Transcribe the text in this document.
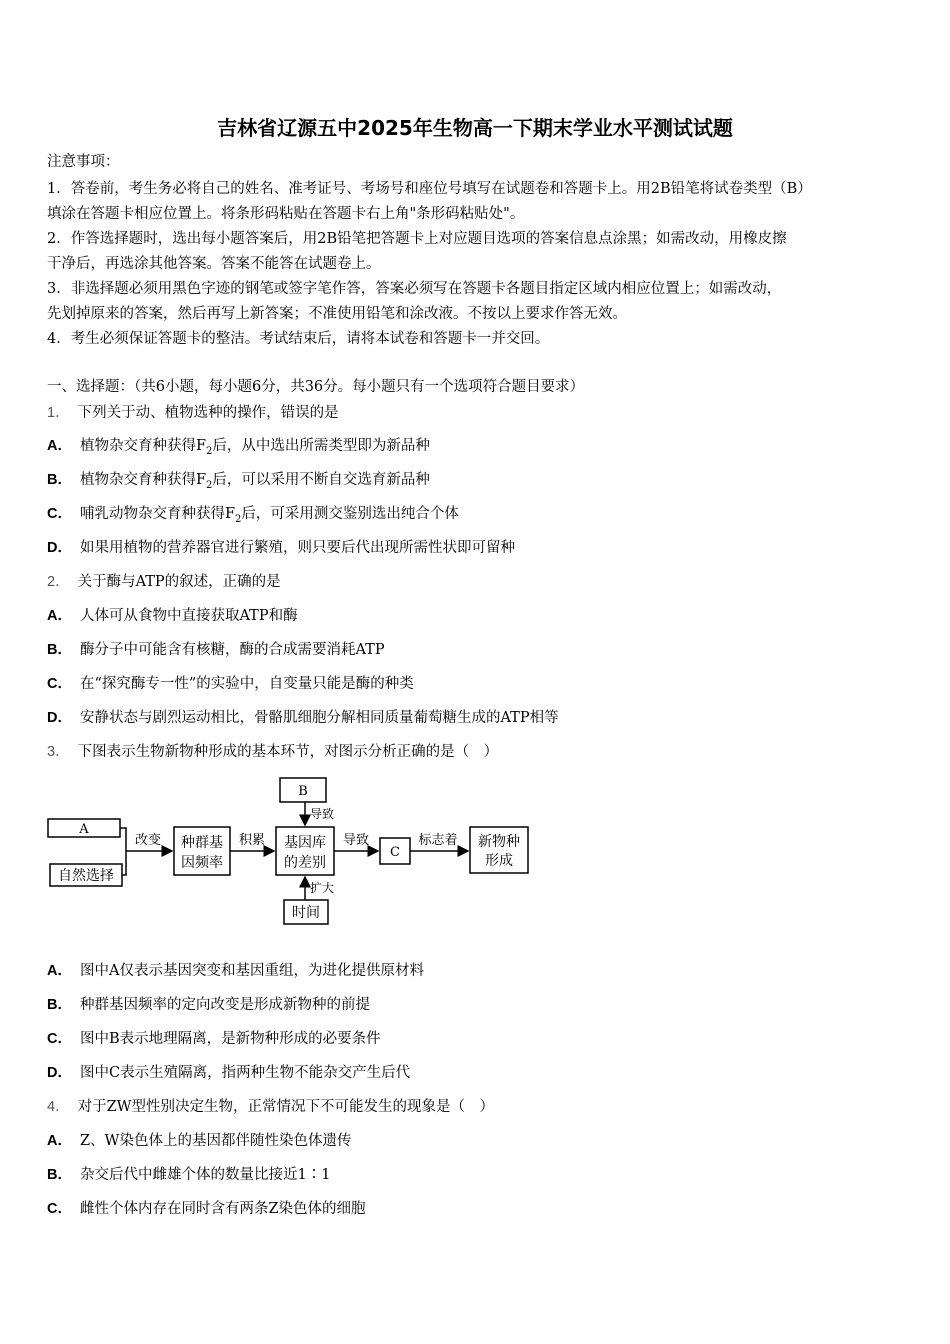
吉林省辽源五中2025年生物高一下期末学业水平测试试题
注意事项：
1．答卷前，考生务必将自己的姓名、准考证号、考场号和座位号填写在试题卷和答题卡上。用2B铅笔将试卷类型（B）
填涂在答题卡相应位置上。将条形码粘贴在答题卡右上角"条形码粘贴处"。
2．作答选择题时，选出每小题答案后，用2B铅笔把答题卡上对应题目选项的答案信息点涂黑；如需改动，用橡皮擦
干净后，再选涂其他答案。答案不能答在试题卷上。
3．非选择题必须用黑色字迹的钢笔或签字笔作答，答案必须写在答题卡各题目指定区域内相应位置上；如需改动，
先划掉原来的答案，然后再写上新答案；不准使用铅笔和涂改液。不按以上要求作答无效。
4．考生必须保证答题卡的整洁。考试结束后，请将本试卷和答题卡一并交回。
一、选择题：（共6小题，每小题6分，共36分。每小题只有一个选项符合题目要求）
1． 下列关于动、植物选种的操作，错误的是
A． 植物杂交育种获得$F_2$后，从中选出所需类型即为新品种
B． 植物杂交育种获得$F_2$后，可以采用不断自交选育新品种
C． 哺乳动物杂交育种获得$F_2$后，可采用测交鉴别选出纯合个体
D． 如果用植物的营养器官进行繁殖，则只要后代出现所需性状即可留种
2． 关于酶与ATP的叙述，正确的是
A． 人体可从食物中直接获取ATP和酶
B． 酶分子中可能含有核糖，酶的合成需要消耗ATP
C． 在“探究酶专一性”的实验中，自变量只能是酶的种类
D． 安静状态与剧烈运动相比，骨骼肌细胞分解相同质量葡萄糖生成的ATP相等
3． 下图表示生物新物种形成的基本环节，对图示分析正确的是（　）
A
自然选择
改变 种群基
因频率
积累 基因库
的差别
B
导致
时间
扩大
导致
C
标志着 新物种
形成
A． 图中A仅表示基因突变和基因重组，为进化提供原材料
B． 种群基因频率的定向改变是形成新物种的前提
C． 图中B表示地理隔离，是新物种形成的必要条件
D． 图中C表示生殖隔离，指两种生物不能杂交产生后代
4． 对于ZW型性别决定生物，正常情况下不可能发生的现象是（　）
A． Z、W染色体上的基因都伴随性染色体遗传
B． 杂交后代中雌雄个体的数量比接近1∶1
C． 雌性个体内存在同时含有两条Z染色体的细胞
